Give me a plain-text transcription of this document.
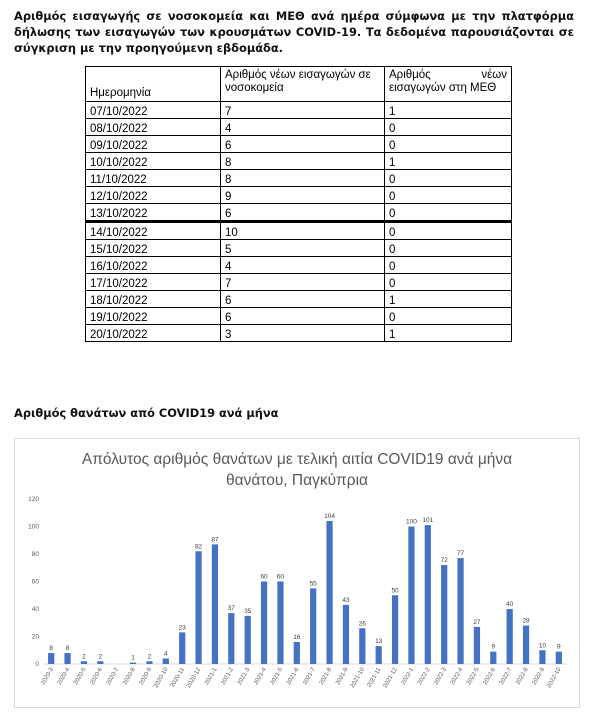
Αριθμός εισαγωγής σε νοσοκομεία και ΜΕΘ ανά ημέρα σύμφωνα με την πλατφόρμα δήλωσης των εισαγωγών των κρουσμάτων COVID-19. Τα δεδομένα παρουσιάζονται σε σύγκριση με την προηγούμενη εβδομάδα.
Ημερομηνία	Αριθμός νέων εισαγωγών σε νοσοκομεία	Αριθμός νέων
εισαγωγών στη ΜΕΘ

07/10/2022	7	1
08/10/2022	4	0
09/10/2022	6	0
10/10/2022	8	1
11/10/2022	8	0
12/10/2022	9	0
13/10/2022	6	0
14/10/2022	10	0
15/10/2022	5	0
16/10/2022	4	0
17/10/2022	7	0
18/10/2022	6	1
19/10/2022	6	0
20/10/2022	3	1
Αριθμός θανάτων από COVID19 ανά μήνα
Απόλυτος αριθμός θανάτων με τελική αιτία COVID19 ανά μήνα
θανάτου, Παγκύπρια
0
20
40
60
80
100
120
8
2020-3
8
2020-4
2
2020-5
2
2020-6 2020-7
1
2020-8
2
2020-9
4
2020-10
23
2020-11
82
2020-12
87
2021-1
37
2021-2
35
2021-3
60
2021-4
60
2021-5
16
2021-6
55
2021-7
104
2021-8
43
2021-9
26
2021-10
13
2021-11
50
2021-12
100
2022-1
101
2022-2
72
2022-3
77
2022-4
27
2022-5
9
2022-6
40
2022-7
28
2022-8
10
2022-9
9
2022-10
